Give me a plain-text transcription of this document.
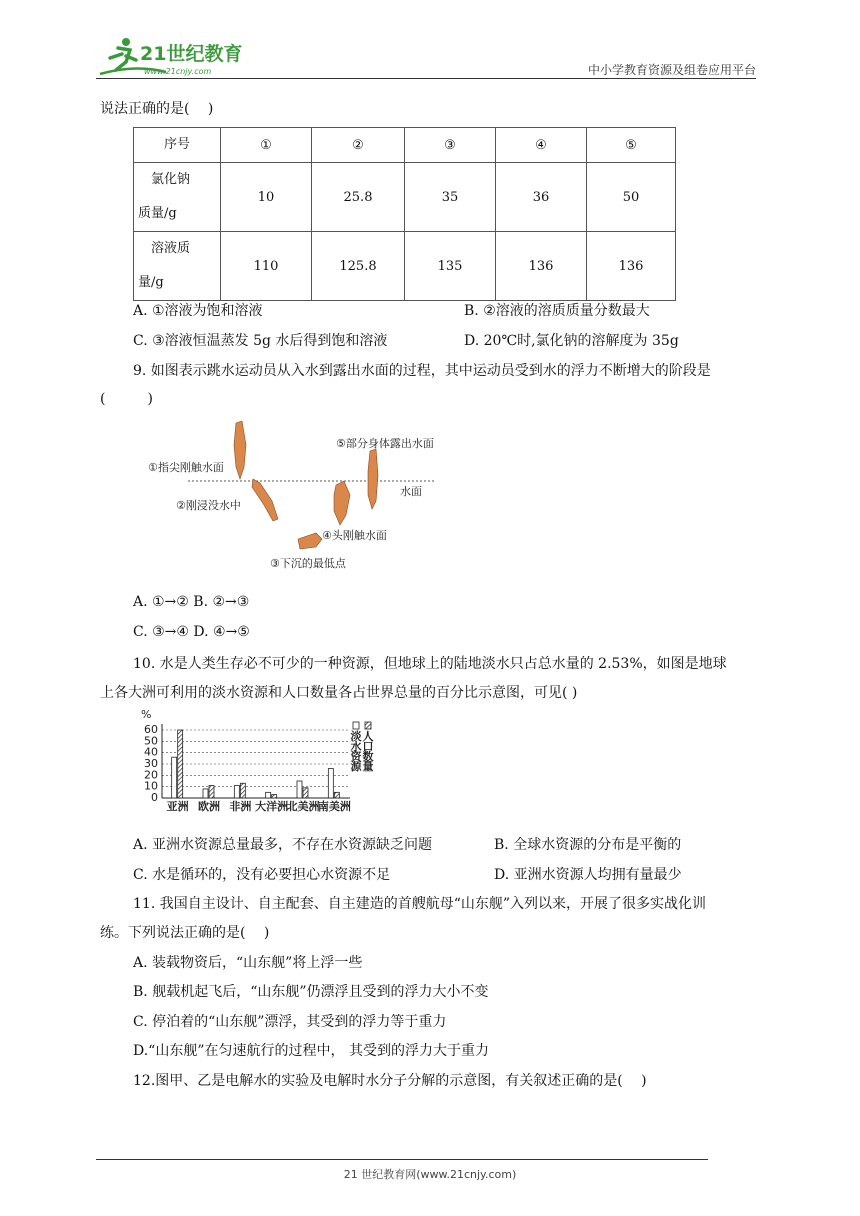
21世纪教育
www.21cnjy.com	中小学教育资源及组卷应用平台
说法正确的是(　 )
序号	①	②	③	④	⑤

　氯化钠
质量/g	10	25.8	35	36	50

　溶液质
量/g	110	125.8	135	136	136
A. ①溶液为饱和溶液	B. ②溶液的溶质质量分数最大
C. ③溶液恒温蒸发 5g 水后得到饱和溶液	D. 20℃时,氯化钠的溶解度为 35g
9. 如图表示跳水运动员从入水到露出水面的过程，其中运动员受到水的浮力不断增大的阶段是
(　　　)
①指尖刚触水面
②刚浸没水中
③下沉的最低点
④头刚触水面
⑤部分身体露出水面
水面
A. ①→② B. ②→③
C. ③→④ D. ④→⑤
10. 水是人类生存必不可少的一种资源，但地球上的陆地淡水只占总水量的 2.53%，如图是地球
上各大洲可利用的淡水资源和人口数量各占世界总量的百分比示意图，可见( )
0
10
20
30
40
50
60
亚洲 欧洲 非洲 大洋洲
北美洲
南美洲
%
淡水资源
人口数量
A. 亚洲水资源总量最多，不存在水资源缺乏问题	B. 全球水资源的分布是平衡的
C. 水是循环的，没有必要担心水资源不足	D. 亚洲水资源人均拥有量最少
11. 我国自主设计、自主配套、自主建造的首艘航母“山东舰”入列以来，开展了很多实战化训
练。下列说法正确的是(　 )
A. 装载物资后，“山东舰”将上浮一些
B. 舰载机起飞后，“山东舰”仍漂浮且受到的浮力大小不变
C. 停泊着的“山东舰”漂浮，其受到的浮力等于重力
D.“山东舰”在匀速航行的过程中， 其受到的浮力大于重力
12.图甲、乙是电解水的实验及电解时水分子分解的示意图，有关叙述正确的是(　 )
21 世纪教育网(www.21cnjy.com)
